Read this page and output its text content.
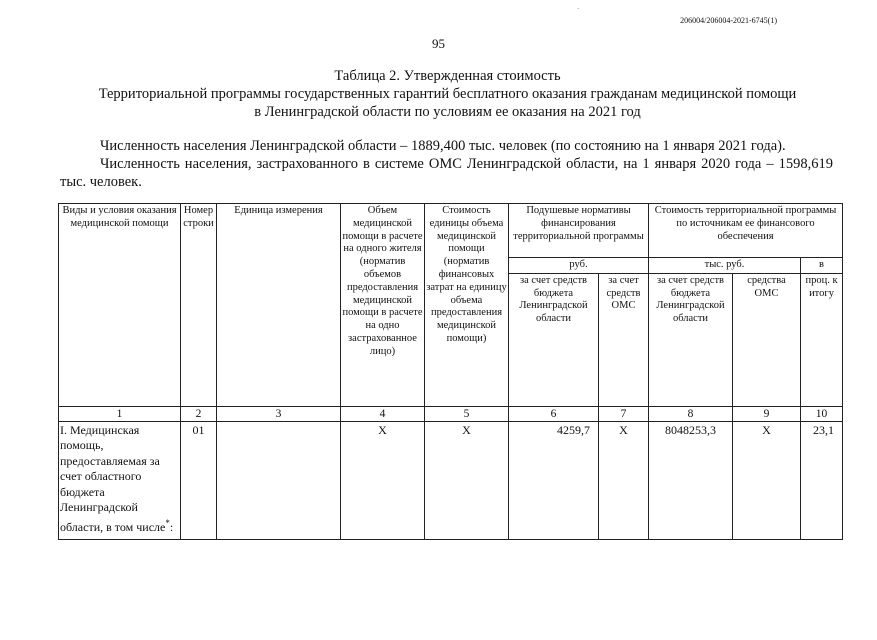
206004/206004-2021-6745(1)
95
Таблица 2. Утвержденная стоимость
Территориальной программы государственных гарантий бесплатного оказания гражданам медицинской помощи
в Ленинградской области по условиям ее оказания на 2021 год
Численность населения Ленинградской области – 1889,400 тыс. человек (по состоянию на 1 января 2021 года).
Численность населения, застрахованного в системе ОМС Ленинградской области, на 1 января 2020 года – 1598,619 тыс. человек.
Виды и условия оказания медицинской помощи	Номер строки	Единица измерения	Объем медицинской помощи в расчете на одного жителя (норматив объемов предоставления медицинской помощи в расчете на одно застрахованное лицо)	Стоимость единицы объема медицинской помощи (норматив финансовых затрат на единицу объема предоставления медицинской помощи)	Подушевые нормативы финансирования территориальной программы		Стоимость территориальной программы по источникам ее финансового обеспечения		
					руб.		тыс. руб.		в
					за счет средств бюджета Ленинградской области	за счет средств ОМС	за счет средств бюджета Ленинградской области	средства ОМС	проц. к итогу
1	2	3	4	5	6	7	8	9	10
I. Медицинская помощь, предоставляемая за счет областного бюджета Ленинградской области, в том числе*:	01		Х	Х	4259,7	Х	8048253,3	Х	23,1
·
